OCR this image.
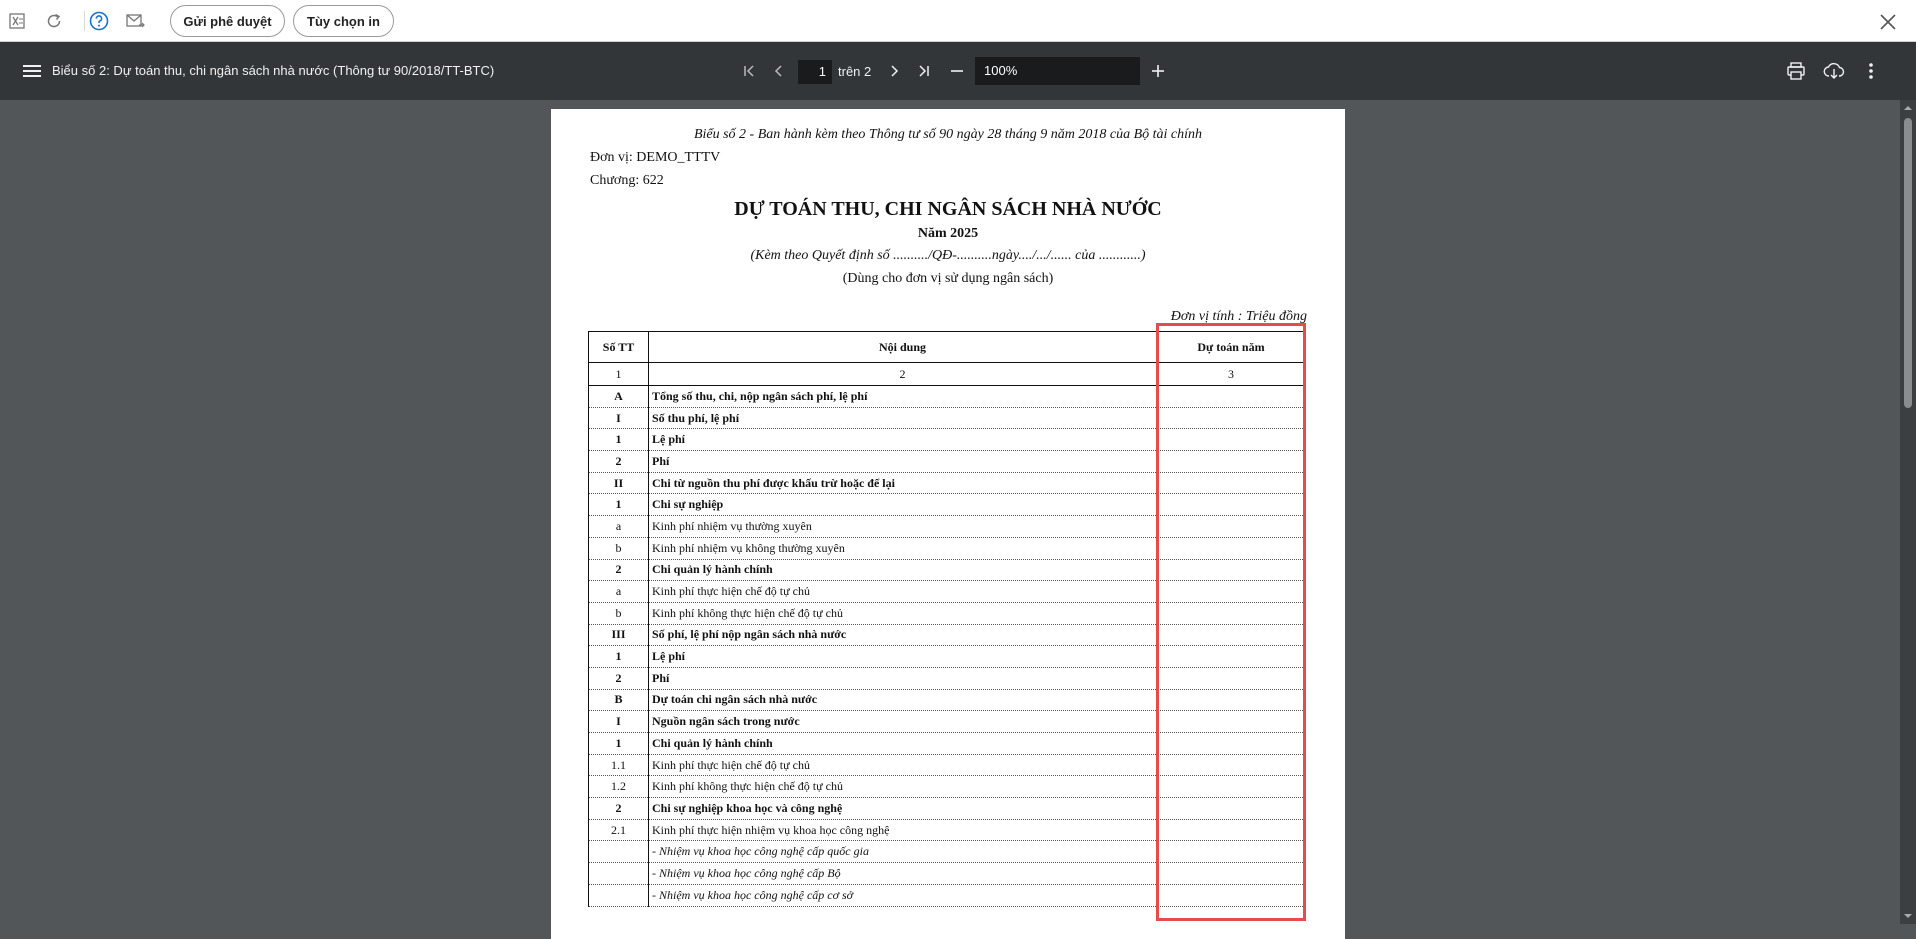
Gửi phê duyệt	Tùy chọn in
Biểu số 2: Dự toán thu, chi ngân sách nhà nước (Thông tư 90/2018/TT-BTC)	1 trên 2	100%
Biểu số 2 - Ban hành kèm theo Thông tư số 90 ngày 28 tháng 9 năm 2018 của Bộ tài chính
Đơn vị: DEMO_TTTV
Chương: 622
DỰ TOÁN THU, CHI NGÂN SÁCH NHÀ NƯỚC
Năm 2025
(Kèm theo Quyết định số ........../QĐ-..........ngày..../.../...... của ............)
(Dùng cho đơn vị sử dụng ngân sách)
Đơn vị tính : Triệu đồng
Số TT	Nội dung	Dự toán năm
1	2	3
A	Tổng số thu, chi, nộp ngân sách phí, lệ phí	
I	Số thu phí, lệ phí	
1	Lệ phí	
2	Phí	
II	Chi từ nguồn thu phí được khấu trừ hoặc để lại	
1	Chi sự nghiệp	
a	Kinh phí nhiệm vụ thường xuyên	
b	Kinh phí nhiệm vụ không thường xuyên	
2	Chi quản lý hành chính	
a	Kinh phí thực hiện chế độ tự chủ	
b	Kinh phí không thực hiện chế độ tự chủ	
III	Số phí, lệ phí nộp ngân sách nhà nước	
1	Lệ phí	
2	Phí	
B	Dự toán chi ngân sách nhà nước	
I	Nguồn ngân sách trong nước	
1	Chi quản lý hành chính	
1.1	Kinh phí thực hiện chế độ tự chủ	
1.2	Kinh phí không thực hiện chế độ tự chủ	
2	Chi sự nghiệp khoa học và công nghệ	
2.1	Kinh phí thực hiện nhiệm vụ khoa học công nghệ	
	- Nhiệm vụ khoa học công nghệ cấp quốc gia	
	- Nhiệm vụ khoa học công nghệ cấp Bộ	
	- Nhiệm vụ khoa học công nghệ cấp cơ sở	
